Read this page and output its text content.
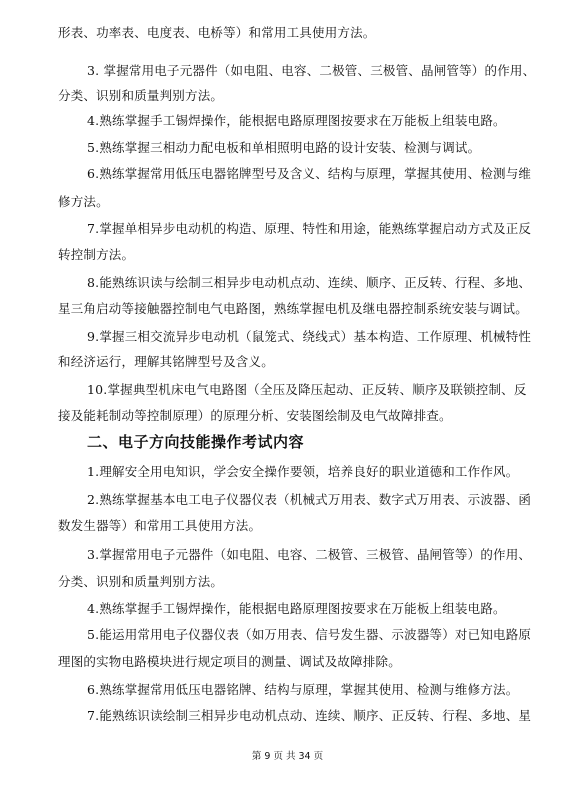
形表、功率表、电度表、电桥等）和常用工具使用方法。
3. 掌握常用电子元器件（如电阻、电容、二极管、三极管、晶闸管等）的作用、
分类、识别和质量判别方法。
4.熟练掌握手工锡焊操作，能根据电路原理图按要求在万能板上组装电路。
5.熟练掌握三相动力配电板和单相照明电路的设计安装、检测与调试。
6.熟练掌握常用低压电器铭牌型号及含义、结构与原理，掌握其使用、检测与维
修方法。
7.掌握单相异步电动机的构造、原理、特性和用途，能熟练掌握启动方式及正反
转控制方法。
8.能熟练识读与绘制三相异步电动机点动、连续、顺序、正反转、行程、多地、
星三角启动等接触器控制电气电路图，熟练掌握电机及继电器控制系统安装与调试。
9.掌握三相交流异步电动机（鼠笼式、绕线式）基本构造、工作原理、机械特性
和经济运行，理解其铭牌型号及含义。
10.掌握典型机床电气电路图（全压及降压起动、正反转、顺序及联锁控制、反
接及能耗制动等控制原理）的原理分析、安装图绘制及电气故障排查。
二、电子方向技能操作考试内容
1.理解安全用电知识，学会安全操作要领，培养良好的职业道德和工作作风。
2.熟练掌握基本电工电子仪器仪表（机械式万用表、数字式万用表、示波器、函
数发生器等）和常用工具使用方法。
3.掌握常用电子元器件（如电阻、电容、二极管、三极管、晶闸管等）的作用、
分类、识别和质量判别方法。
4.熟练掌握手工锡焊操作，能根据电路原理图按要求在万能板上组装电路。
5.能运用常用电子仪器仪表（如万用表、信号发生器、示波器等）对已知电路原
理图的实物电路模块进行规定项目的测量、调试及故障排除。
6.熟练掌握常用低压电器铭牌、结构与原理，掌握其使用、检测与维修方法。
7.能熟练识读绘制三相异步电动机点动、连续、顺序、正反转、行程、多地、星
第 9 页 共 34 页
